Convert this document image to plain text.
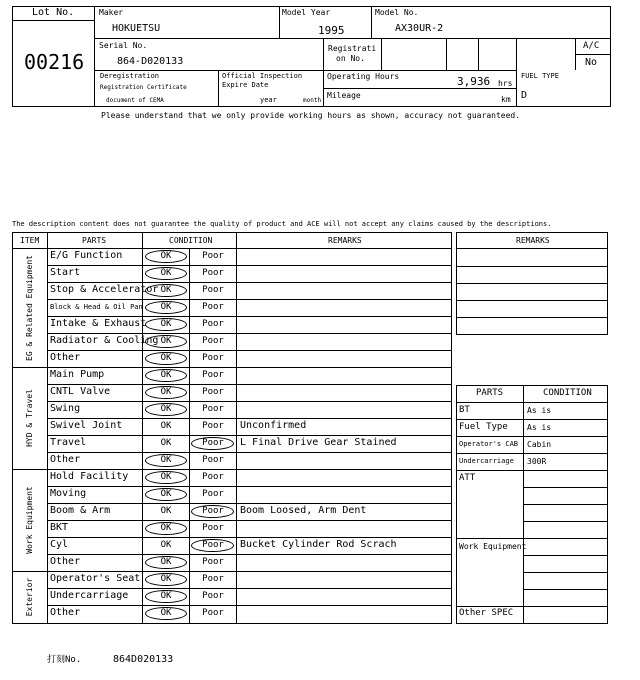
Lot No.
00216
Maker
HOKUETSU
Model Year
1995
Model No.
AX30UR-2
Serial No.
864-D020133
Registrati
on No.
A/C
No
Deregistration
Registration Certificate
document of CEMA
Official Inspection
Expire Date
year	month
Operating Hours	3,936 hrs
Mileage	km
FUEL TYPE
D
Please understand that we only provide working hours as shown, accuracy not guaranteed.
The description content does not guarantee the quality of product and ACE will not accept any claims caused by the descriptions.
ITEM	PARTS	CONDITION	REMARKS
E/G Function	OK	Poor
Start	OK	Poor
Stop & Accelerator OK	Poor
Block & Head & Oil Pan	OK	Poor
Intake & Exhaust	OK	Poor
Radiator & Cooling OK	Poor
Other	OK	Poor
EG & Related Equipment
Main Pump	OK	Poor
CNTL Valve	OK	Poor
Swing	OK	Poor
Swivel Joint	OK	Poor	Unconfirmed
Travel	OK	Poor	L Final Drive Gear Stained
Other	OK	Poor
HYD & Travel
Hold Facility	OK	Poor
Moving	OK	Poor
Boom & Arm	OK	Poor	Boom Loosed, Arm Dent
BKT	OK	Poor
Cyl	OK	Poor	Bucket Cylinder Rod Scrach
Other	OK	Poor
Work Equipment
Operator's Seat	OK	Poor
Undercarriage	OK	Poor
Other	OK	Poor
Exterior
REMARKS
PARTS	CONDITION
BT	As is
Fuel Type As is
Operator's CAB Cabin
Undercarriage 300R
ATT
Work Equipment
Other SPEC
打刻No.	864D020133
